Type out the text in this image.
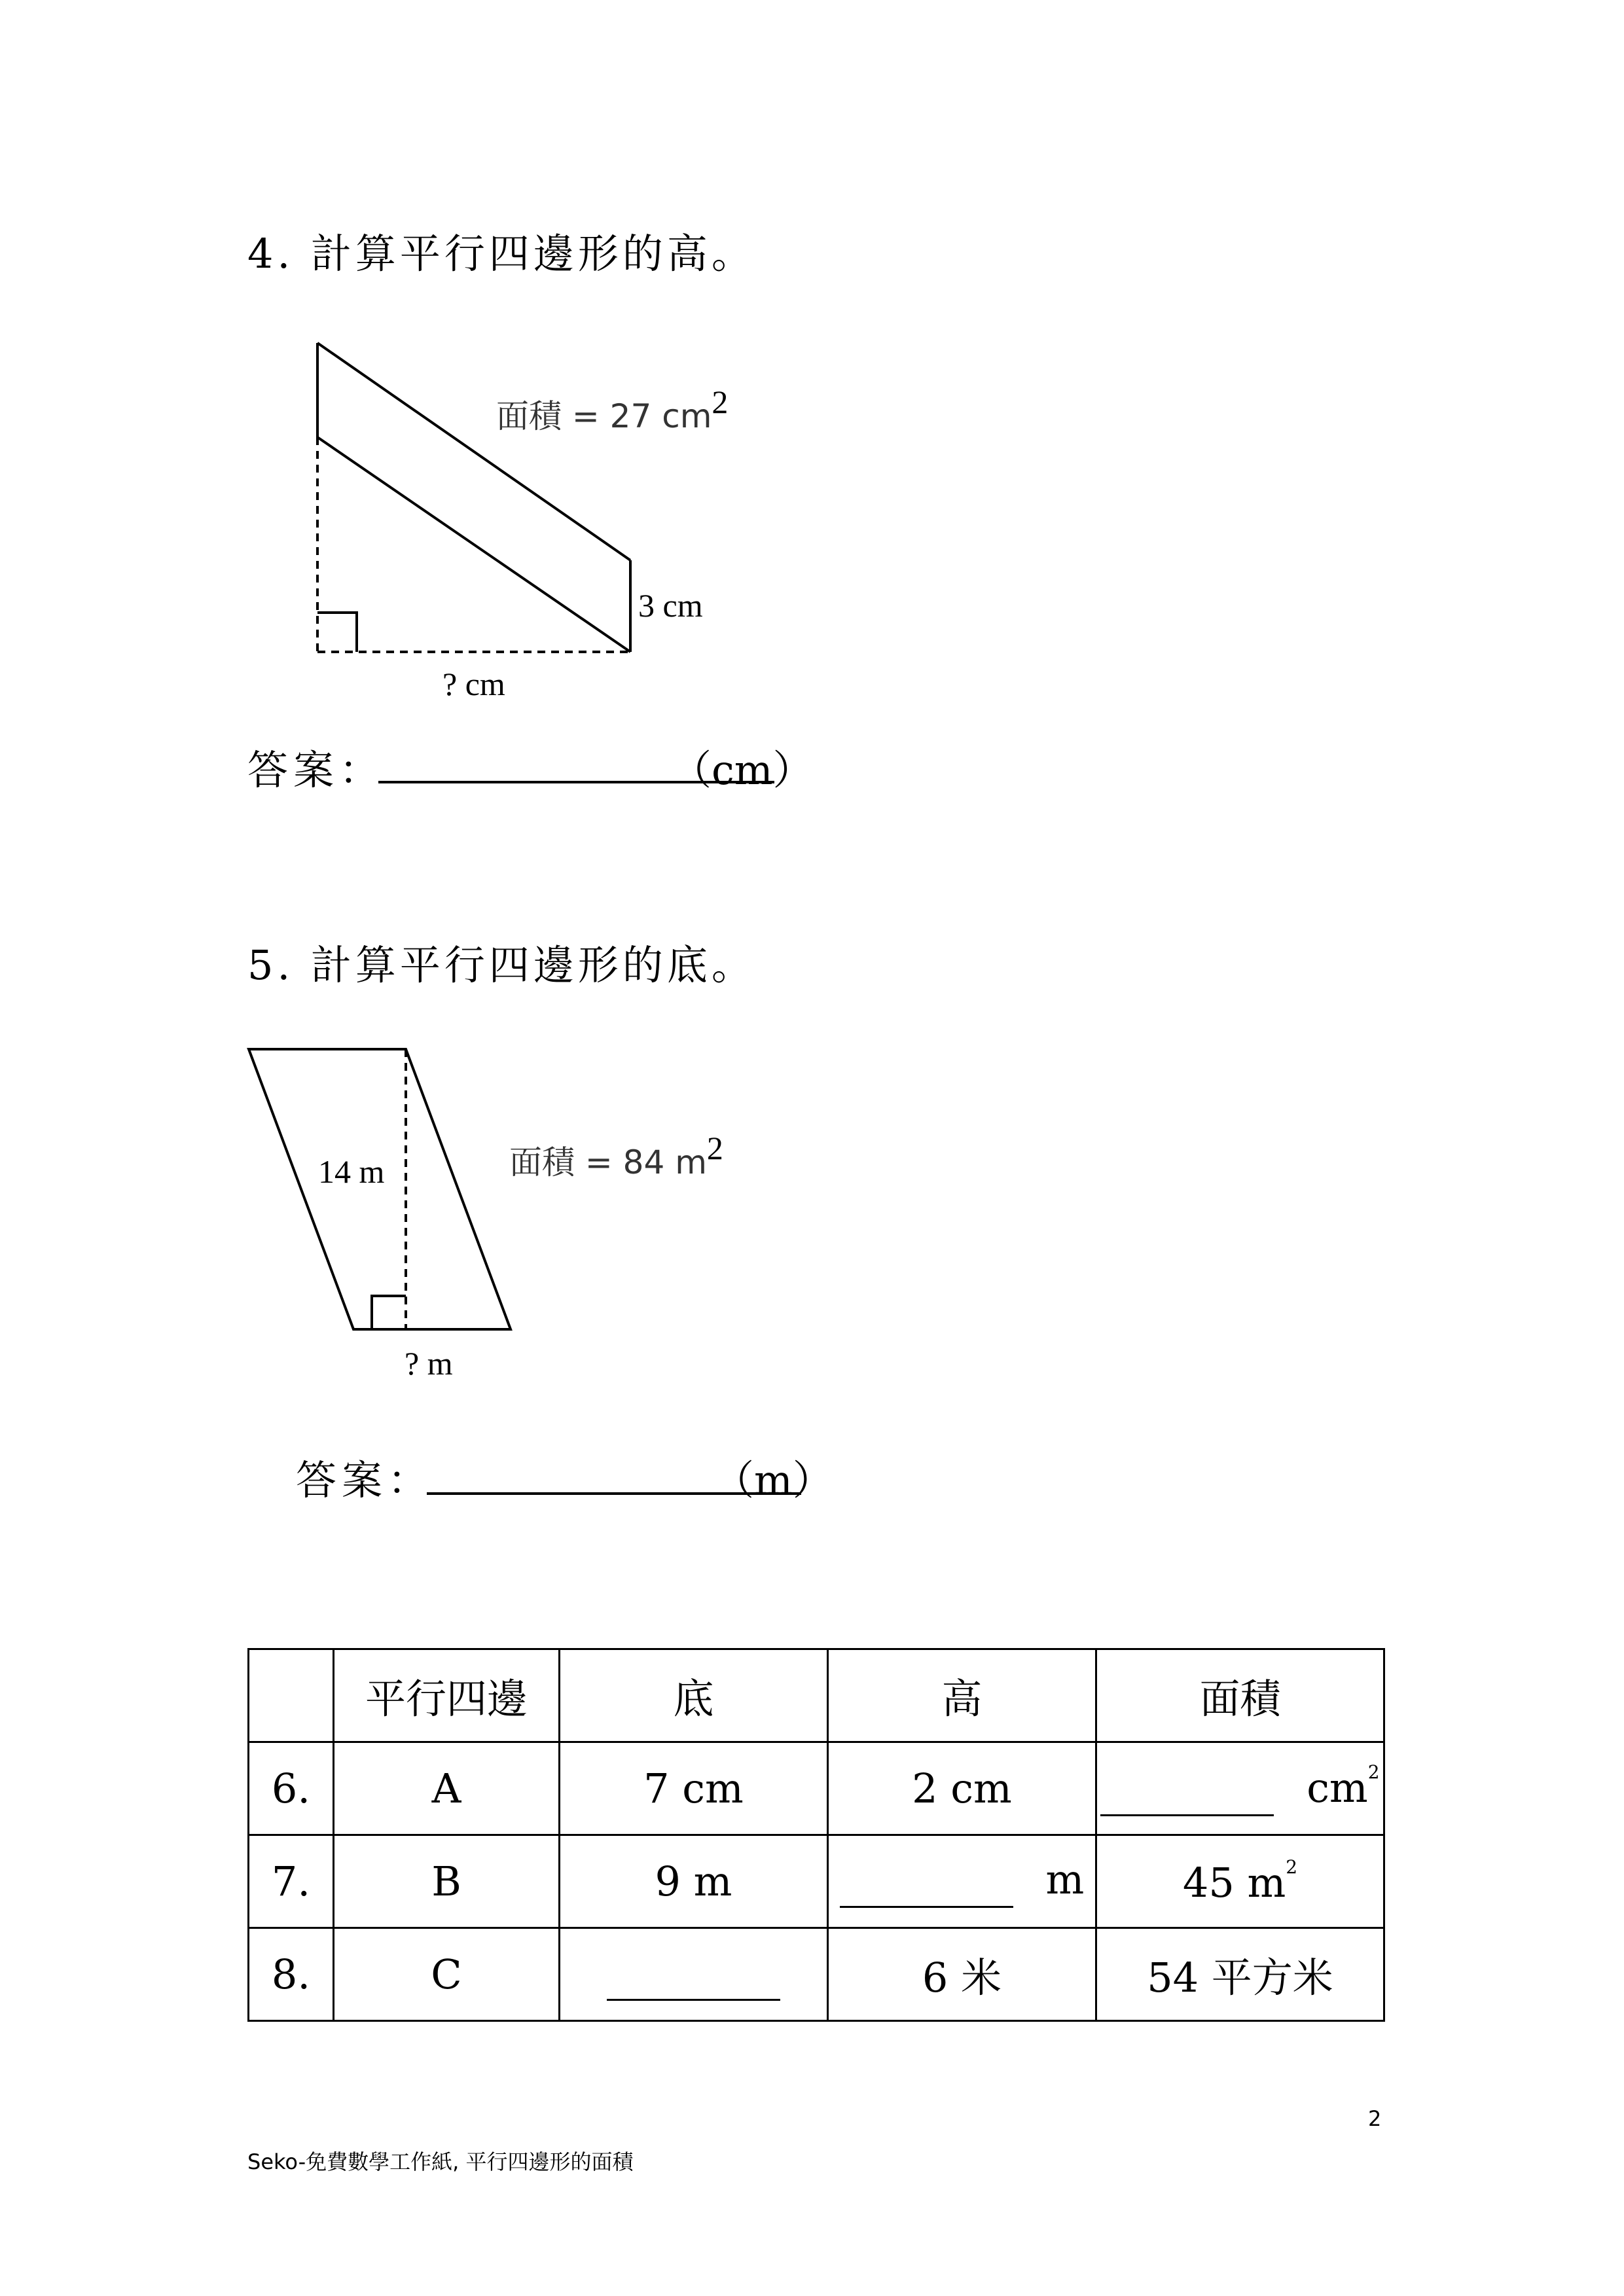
4. 計算平行四邊形的高。
面積 = 27 cm2
3 cm
? cm
答案：	（cm）
5. 計算平行四邊形的底。
14 m	面積 = 84 m2
? m
答案：	（m）
	平行四邊	底	高	面積
6.	A	7 cm	2 cm	$cm^2$
7.	B	9 m	m	45 $m^2$
8.	C		6 米	54 平方米
2
Seko-免費數學工作紙, 平行四邊形的面積
